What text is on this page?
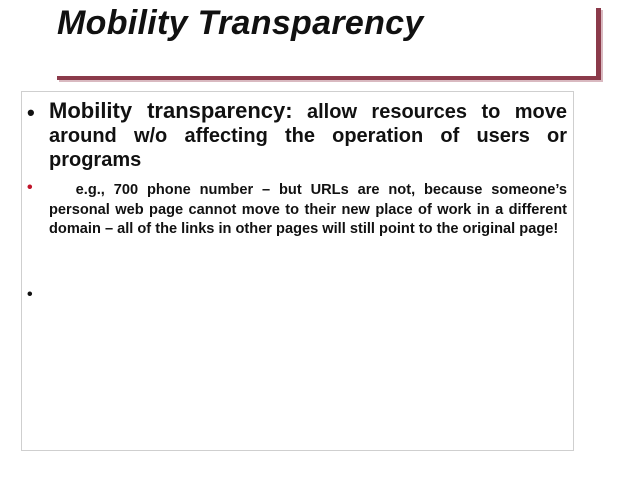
Mobility Transparency
• Mobility transparency: allow resources to move around w/o affecting the operation of users or programs
• e.g., 700 phone number – but URLs are not, because someone’s personal web page cannot move to their new place of work in a different domain – all of the links in other pages will still point to the original page!
•
